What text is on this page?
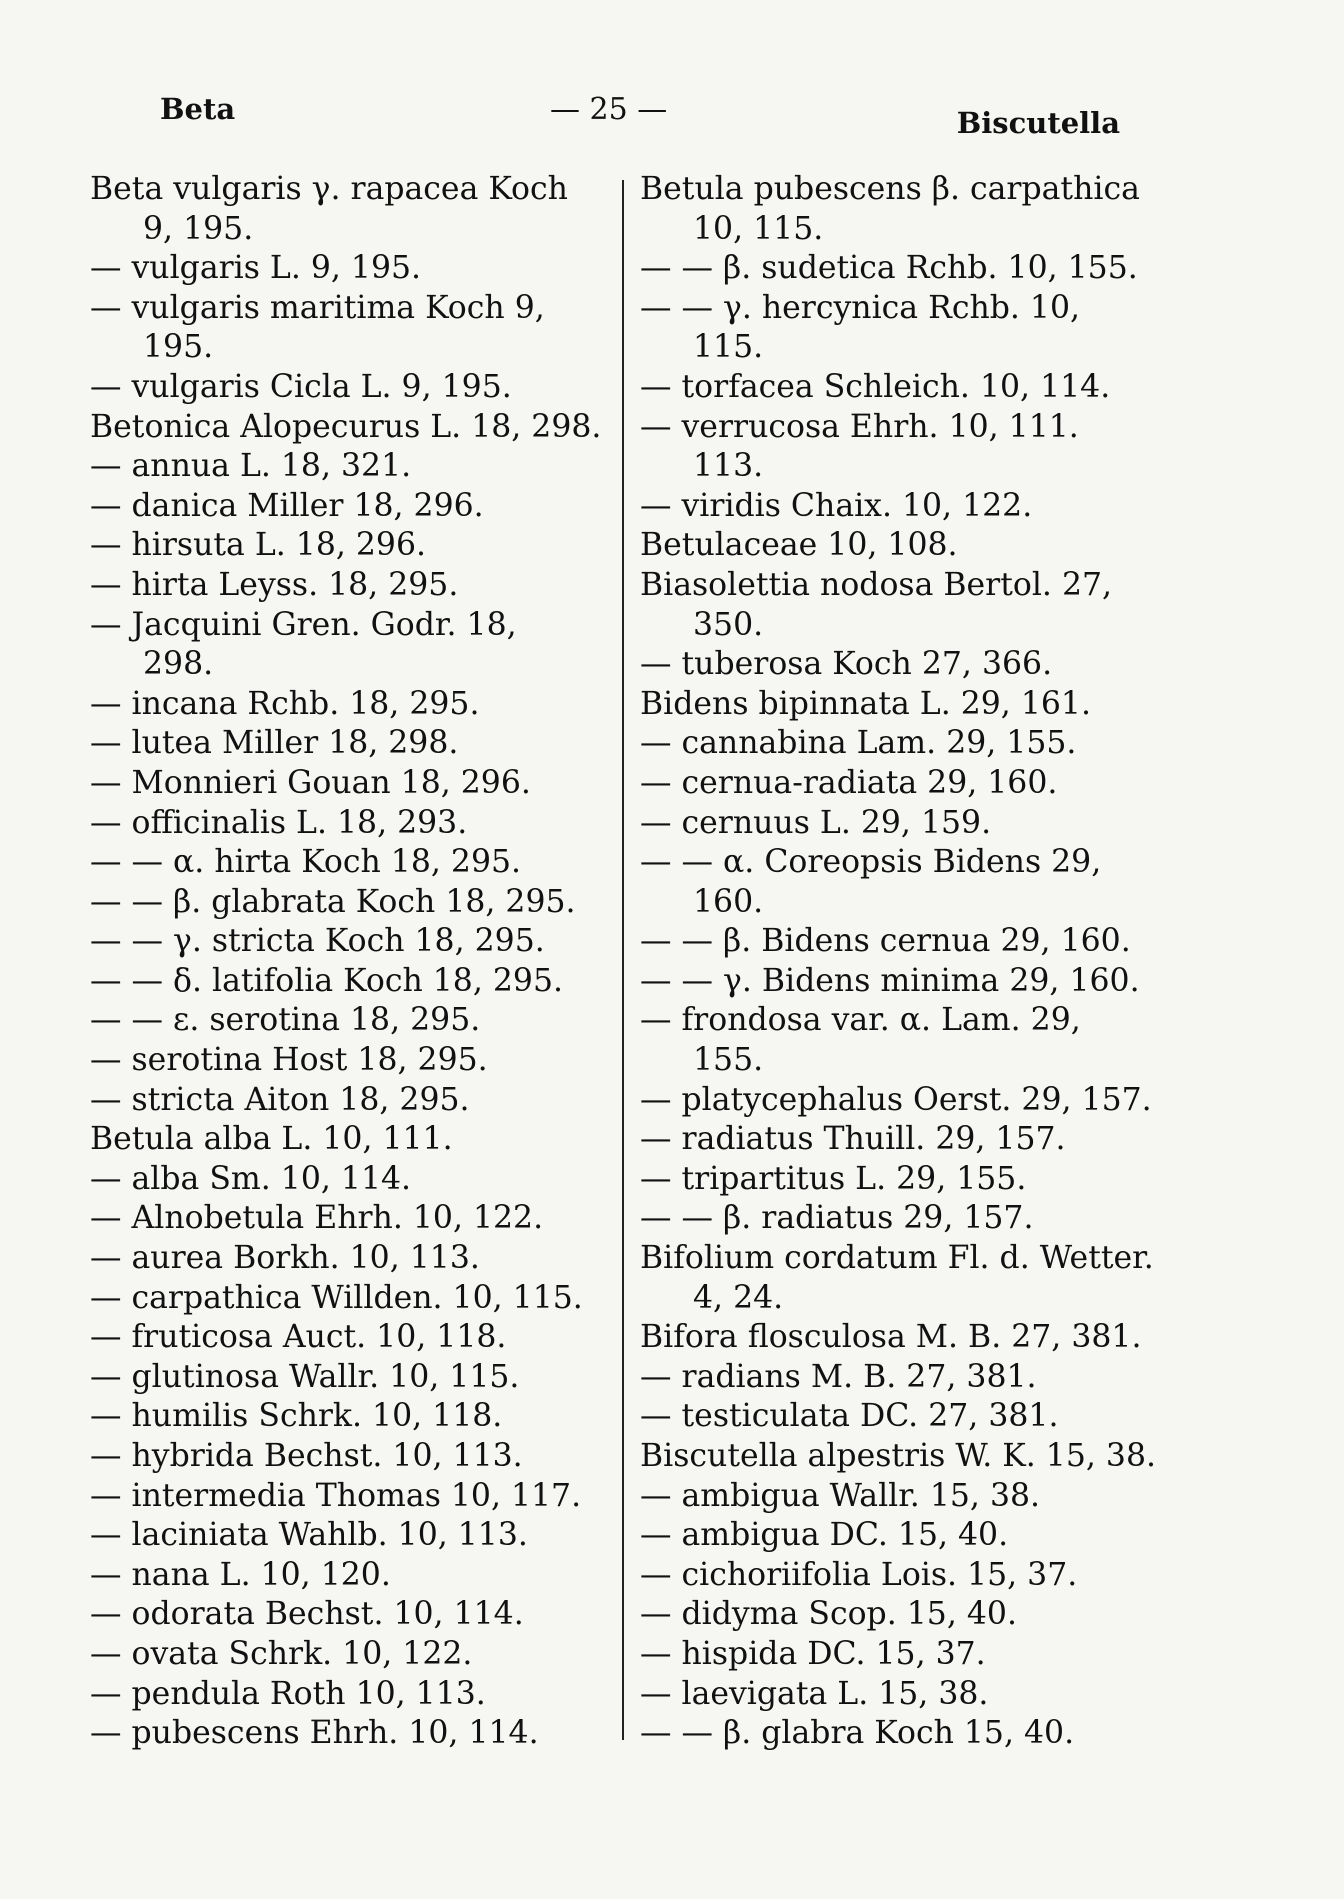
Beta	— 25 —	Biscutella
Beta vulgaris γ. rapacea Koch
9, 195.
— vulgaris L. 9, 195.
— vulgaris maritima Koch 9,
195.
— vulgaris Cicla L. 9, 195.
Betonica Alopecurus L. 18, 298.
— annua L. 18, 321.
— danica Miller 18, 296.
— hirsuta L. 18, 296.
— hirta Leyss. 18, 295.
— Jacquini Gren. Godr. 18,
298.
— incana Rchb. 18, 295.
— lutea Miller 18, 298.
— Monnieri Gouan 18, 296.
— officinalis L. 18, 293.
— — α. hirta Koch 18, 295.
— — β. glabrata Koch 18, 295.
— — γ. stricta Koch 18, 295.
— — δ. latifolia Koch 18, 295.
— — ε. serotina 18, 295.
— serotina Host 18, 295.
— stricta Aiton 18, 295.
Betula alba L. 10, 111.
— alba Sm. 10, 114.
— Alnobetula Ehrh. 10, 122.
— aurea Borkh. 10, 113.
— carpathica Willden. 10, 115.
— fruticosa Auct. 10, 118.
— glutinosa Wallr. 10, 115.
— humilis Schrk. 10, 118.
— hybrida Bechst. 10, 113.
— intermedia Thomas 10, 117.
— laciniata Wahlb. 10, 113.
— nana L. 10, 120.
— odorata Bechst. 10, 114.
— ovata Schrk. 10, 122.
— pendula Roth 10, 113.
— pubescens Ehrh. 10, 114.
Betula pubescens β. carpathica
10, 115.
— — β. sudetica Rchb. 10, 155.
— — γ. hercynica Rchb. 10,
115.
— torfacea Schleich. 10, 114.
— verrucosa Ehrh. 10, 111.
113.
— viridis Chaix. 10, 122.
Betulaceae 10, 108.
Biasolettia nodosa Bertol. 27,
350.
— tuberosa Koch 27, 366.
Bidens bipinnata L. 29, 161.
— cannabina Lam. 29, 155.
— cernua-radiata 29, 160.
— cernuus L. 29, 159.
— — α. Coreopsis Bidens 29,
160.
— — β. Bidens cernua 29, 160.
— — γ. Bidens minima 29, 160.
— frondosa var. α. Lam. 29,
155.
— platycephalus Oerst. 29, 157.
— radiatus Thuill. 29, 157.
— tripartitus L. 29, 155.
— — β. radiatus 29, 157.
Bifolium cordatum Fl. d. Wetter.
4, 24.
Bifora flosculosa M. B. 27, 381.
— radians M. B. 27, 381.
— testiculata DC. 27, 381.
Biscutella alpestris W. K. 15, 38.
— ambigua Wallr. 15, 38.
— ambigua DC. 15, 40.
— cichoriifolia Lois. 15, 37.
— didyma Scop. 15, 40.
— hispida DC. 15, 37.
— laevigata L. 15, 38.
— — β. glabra Koch 15, 40.
